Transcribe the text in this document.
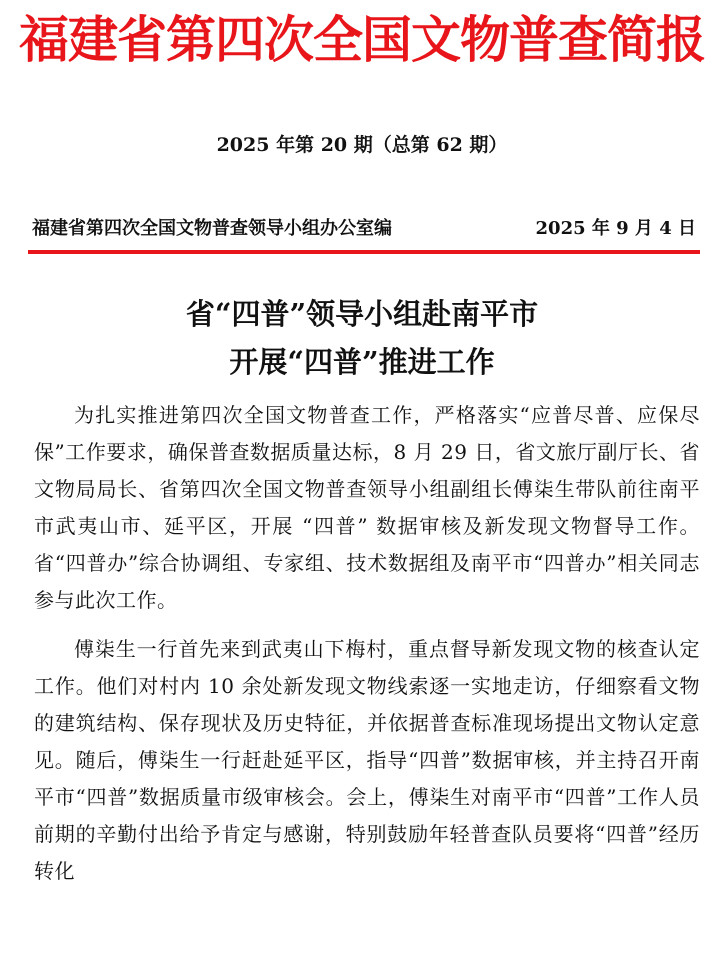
福建省第四次全国文物普查简报
2025 年第 20 期（总第 62 期）
福建省第四次全国文物普查领导小组办公室编	2025 年 9 月 4 日
省“四普”领导小组赴南平市
开展“四普”推进工作

为扎实推进第四次全国文物普查工作，严格落实“应普尽普、应保尽保”工作要求，确保普查数据质量达标，8 月 29 日，省文旅厅副厅长、省文物局局长、省第四次全国文物普查领导小组副组长傅柒生带队前往南平市武夷山市、延平区，开展 “四普” 数据审核及新发现文物督导工作。省“四普办”综合协调组、专家组、技术数据组及南平市“四普办”相关同志参与此次工作。

傅柒生一行首先来到武夷山下梅村，重点督导新发现文物的核查认定工作。他们对村内 10 余处新发现文物线索逐一实地走访，仔细察看文物的建筑结构、保存现状及历史特征，并依据普查标准现场提出文物认定意见。随后，傅柒生一行赶赴延平区，指导“四普”数据审核，并主持召开南平市“四普”数据质量市级审核会。会上，傅柒生对南平市“四普”工作人员前期的辛勤付出给予肯定与感谢，特别鼓励年轻普查队员要将“四普”经历转化
